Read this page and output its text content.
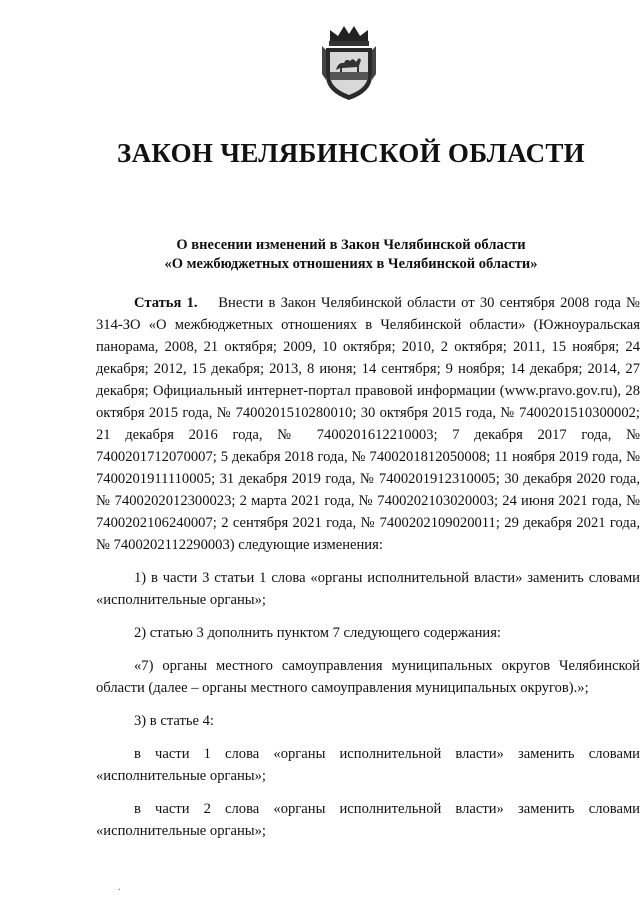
ЗАКОН ЧЕЛЯБИНСКОЙ ОБЛАСТИ
О внесении изменений в Закон Челябинской области
«О межбюджетных отношениях в Челябинской области»

Статья 1. Внести в Закон Челябинской области от 30 сентября 2008 года № 314-ЗО «О межбюджетных отношениях в Челябинской области» (Южноуральская панорама, 2008, 21 октября; 2009, 10 октября; 2010, 2 октября; 2011, 15 ноября; 24 декабря; 2012, 15 декабря; 2013, 8 июня; 14 сентября; 9 ноября; 14 декабря; 2014, 27 декабря; Официальный интернет-портал правовой информации (www.pravo.gov.ru), 28 октября 2015 года, № 7400201510280010; 30 октября 2015 года, № 7400201510300002; 21 декабря 2016 года, № 7400201612210003; 7 декабря 2017 года, № 7400201712070007; 5 декабря 2018 года, № 7400201812050008; 11 ноября 2019 года, № 7400201911110005; 31 декабря 2019 года, № 7400201912310005; 30 декабря 2020 года, № 7400202012300023; 2 марта 2021 года, № 7400202103020003; 24 июня 2021 года, № 7400202106240007; 2 сентября 2021 года, № 7400202109020011; 29 декабря 2021 года, № 7400202112290003) следующие изменения:

1) в части 3 статьи 1 слова «органы исполнительной власти» заменить словами «исполнительные органы»;

2) статью 3 дополнить пунктом 7 следующего содержания:

«7) органы местного самоуправления муниципальных округов Челябинской области (далее – органы местного самоуправления муниципальных округов).»;

3) в статье 4:

в части 1 слова «органы исполнительной власти» заменить словами «исполнительные органы»;

в части 2 слова «органы исполнительной власти» заменить словами «исполнительные органы»;

.
